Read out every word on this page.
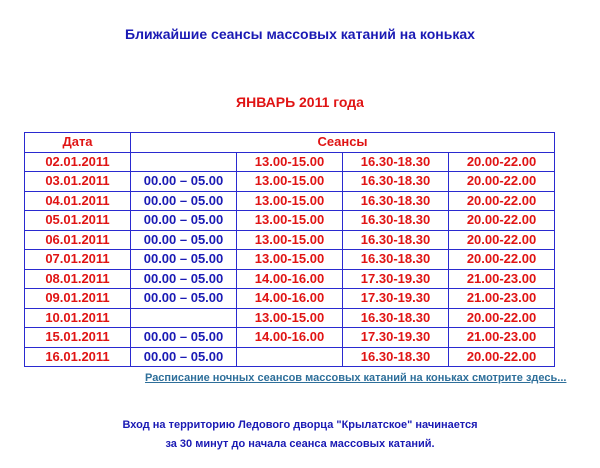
Ближайшие сеансы массовых катаний на коньках
ЯНВАРЬ 2011 года
Дата	Сеансы			
02.01.2011		13.00-15.00	16.30-18.30	20.00-22.00
03.01.2011	00.00 – 05.00	13.00-15.00	16.30-18.30	20.00-22.00
04.01.2011	00.00 – 05.00	13.00-15.00	16.30-18.30	20.00-22.00
05.01.2011	00.00 – 05.00	13.00-15.00	16.30-18.30	20.00-22.00
06.01.2011	00.00 – 05.00	13.00-15.00	16.30-18.30	20.00-22.00
07.01.2011	00.00 – 05.00	13.00-15.00	16.30-18.30	20.00-22.00
08.01.2011	00.00 – 05.00	14.00-16.00	17.30-19.30	21.00-23.00
09.01.2011	00.00 – 05.00	14.00-16.00	17.30-19.30	21.00-23.00
10.01.2011		13.00-15.00	16.30-18.30	20.00-22.00
15.01.2011	00.00 – 05.00	14.00-16.00	17.30-19.30	21.00-23.00
16.01.2011	00.00 – 05.00		16.30-18.30	20.00-22.00
Расписание ночных сеансов массовых катаний на коньках смотрите здесь...
Вход на территорию Ледового дворца "Крылатское" начинается
за 30 минут до начала сеанса массовых катаний.
